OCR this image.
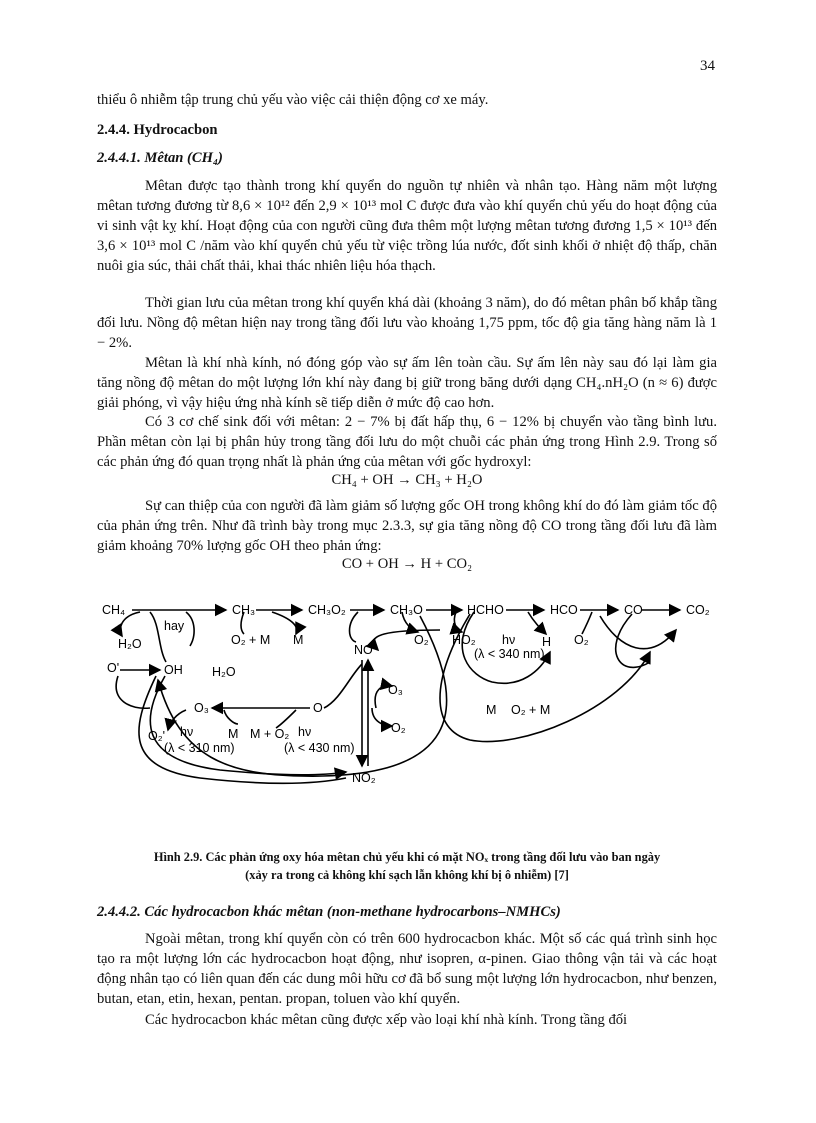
34
thiểu ô nhiễm tập trung chủ yếu vào việc cải thiện động cơ xe máy.
2.4.4. Hydrocacbon
2.4.4.1. Mêtan (CH₄)
Mêtan được tạo thành trong khí quyển do nguồn tự nhiên và nhân tạo. Hàng năm một lượng mêtan tương đương từ 8,6 × 10¹² đến 2,9 × 10¹³ mol C được đưa vào khí quyển chủ yếu do hoạt động của vi sinh vật kỵ khí. Hoạt động của con người cũng đưa thêm một lượng mêtan tương đương 1,5 × 10¹³ đến 3,6 × 10¹³ mol C /năm vào khí quyển chủ yếu từ việc trồng lúa nước, đốt sinh khối ở nhiệt độ thấp, chăn nuôi gia súc, thải chất thải, khai thác nhiên liệu hóa thạch.
Thời gian lưu của mêtan trong khí quyển khá dài (khoảng 3 năm), do đó mêtan phân bố khắp tầng đối lưu. Nồng độ mêtan hiện nay trong tầng đối lưu vào khoảng 1,75 ppm, tốc độ gia tăng hàng năm là 1 − 2%.
Mêtan là khí nhà kính, nó đóng góp vào sự ấm lên toàn cầu. Sự ấm lên này sau đó lại làm gia tăng nồng độ mêtan do một lượng lớn khí này đang bị giữ trong băng dưới dạng CH₄.nH₂O (n ≈ 6) được giải phóng, vì vậy hiệu ứng nhà kính sẽ tiếp diễn ở mức độ cao hơn.
Có 3 cơ chế sink đối với mêtan: 2 − 7% bị đất hấp thụ, 6 − 12% bị chuyển vào tầng bình lưu. Phần mêtan còn lại bị phân hủy trong tầng đối lưu do một chuỗi các phản ứng trong Hình 2.9. Trong số các phản ứng đó quan trọng nhất là phản ứng của mêtan với gốc hydroxyl:
CH₄ + OH → CH₃ + H₂O
Sự can thiệp của con người đã làm giảm số lượng gốc OH trong không khí do đó làm giảm tốc độ của phản ứng trên. Như đã trình bày trong mục 2.3.3, sự gia tăng nồng độ CO trong tầng đối lưu đã làm giảm khoảng 70% lượng gốc OH theo phản ứng:
CO + OH → H + CO₂
CH₄	CH₃	CH₃O₂	CH₃O	HCHO	HCO	CO	CO₂
OH
O₃	O
NO
NO₂
hay
H₂O	O₂ + M M	O₂ HO₂ hν H O₂
(λ < 340 nm)
O'	H₂O
O₃
O₂
M O₂ + M
O₂' hν	M M + O₂ hν
(λ < 310 nm)	(λ < 430 nm)
Hình 2.9. Các phản ứng oxy hóa mêtan chủ yếu khi có mặt NOₓ trong tầng đối lưu vào ban ngày
(xảy ra trong cả không khí sạch lẫn không khí bị ô nhiễm) [7]
2.4.4.2. Các hydrocacbon khác mêtan (non-methane hydrocarbons–NMHCs)
Ngoài mêtan, trong khí quyển còn có trên 600 hydrocacbon khác. Một số các quá trình sinh học tạo ra một lượng lớn các hydrocacbon hoạt động, như isopren, α-pinen. Giao thông vận tải và các hoạt động nhân tạo có liên quan đến các dung môi hữu cơ đã bổ sung một lượng lớn hydrocacbon, như benzen, butan, etan, etin, hexan, pentan. propan, toluen vào khí quyển.
Các hydrocacbon khác mêtan cũng được xếp vào loại khí nhà kính. Trong tầng đối
